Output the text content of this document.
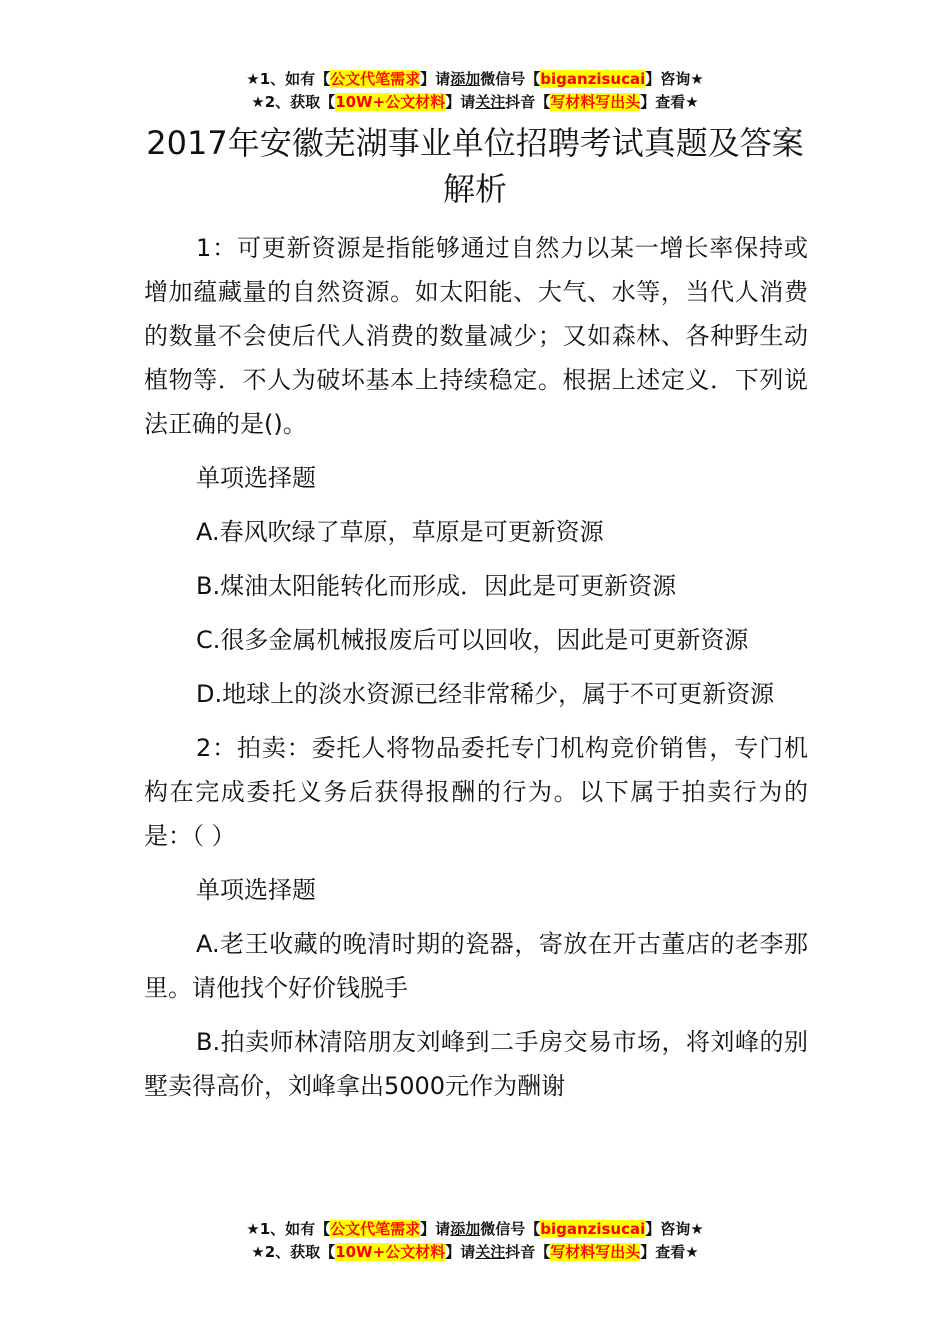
★1、如有【公文代笔需求】请添加微信号【biganzisucai】咨询★
★2、获取【10W+公文材料】请关注抖音【写材料写出头】查看★
2017年安徽芜湖事业单位招聘考试真题及答案解析

1：可更新资源是指能够通过自然力以某一增长率保持或增加蕴藏量的自然资源。如太阳能、大气、水等，当代人消费的数量不会使后代人消费的数量减少；又如森林、各种野生动植物等．不人为破坏基本上持续稳定。根据上述定义．下列说法正确的是()。

单项选择题

A.春风吹绿了草原，草原是可更新资源

B.煤油太阳能转化而形成．因此是可更新资源

C.很多金属机械报废后可以回收，因此是可更新资源

D.地球上的淡水资源已经非常稀少，属于不可更新资源

2：拍卖：委托人将物品委托专门机构竞价销售，专门机构在完成委托义务后获得报酬的行为。以下属于拍卖行为的是：（ ）

单项选择题

A.老王收藏的晚清时期的瓷器，寄放在开古董店的老李那里。请他找个好价钱脱手

B.拍卖师林清陪朋友刘峰到二手房交易市场，将刘峰的别墅卖得高价，刘峰拿出5000元作为酬谢

★1、如有【公文代笔需求】请添加微信号【biganzisucai】咨询★
★2、获取【10W+公文材料】请关注抖音【写材料写出头】查看★
